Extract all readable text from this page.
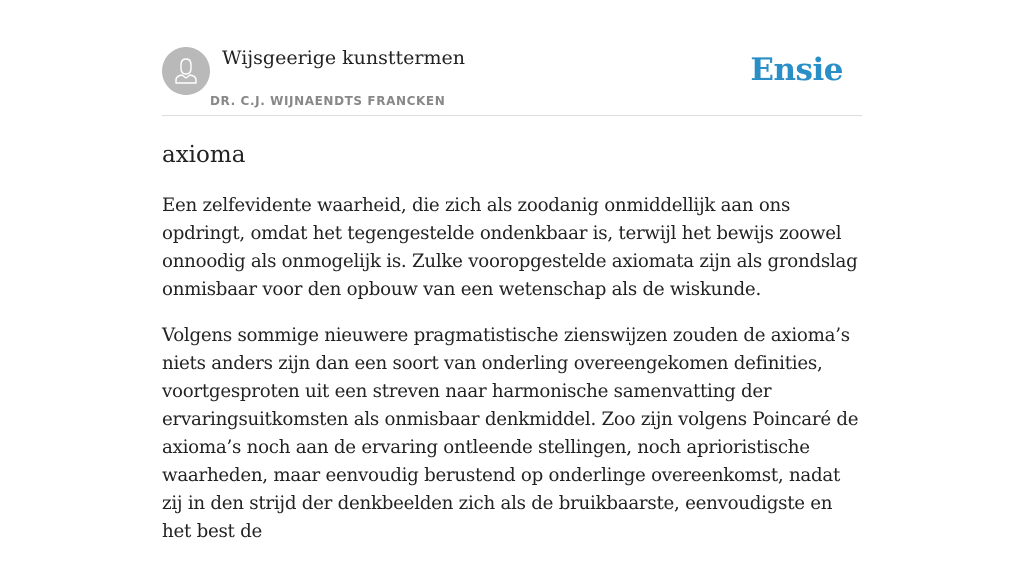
Wijsgeerige kunsttermen
DR. C.J. WIJNAENDTS FRANCKEN
Ensie
axioma

Een zelfevidente waarheid, die zich als zoodanig onmiddellijk aan ons opdringt, omdat het tegengestelde ondenkbaar is, terwijl het bewijs zoowel onnoodig als onmogelijk is. Zulke vooropgestelde axiomata zijn als grondslag onmisbaar voor den opbouw van een wetenschap als de wiskunde.

Volgens sommige nieuwere pragmatistische zienswijzen zouden de axioma’s niets anders zijn dan een soort van onderling overeengekomen definities, voortgesproten uit een streven naar harmonische samenvatting der ervaringsuitkomsten als onmisbaar denkmiddel. Zoo zijn volgens Poincaré de axioma’s noch aan de ervaring ontleende stellingen, noch aprioristische waarheden, maar eenvoudig berustend op onderlinge overeenkomst, nadat zij in den strijd der denkbeelden zich als de bruikbaarste, eenvoudigste en het best de
